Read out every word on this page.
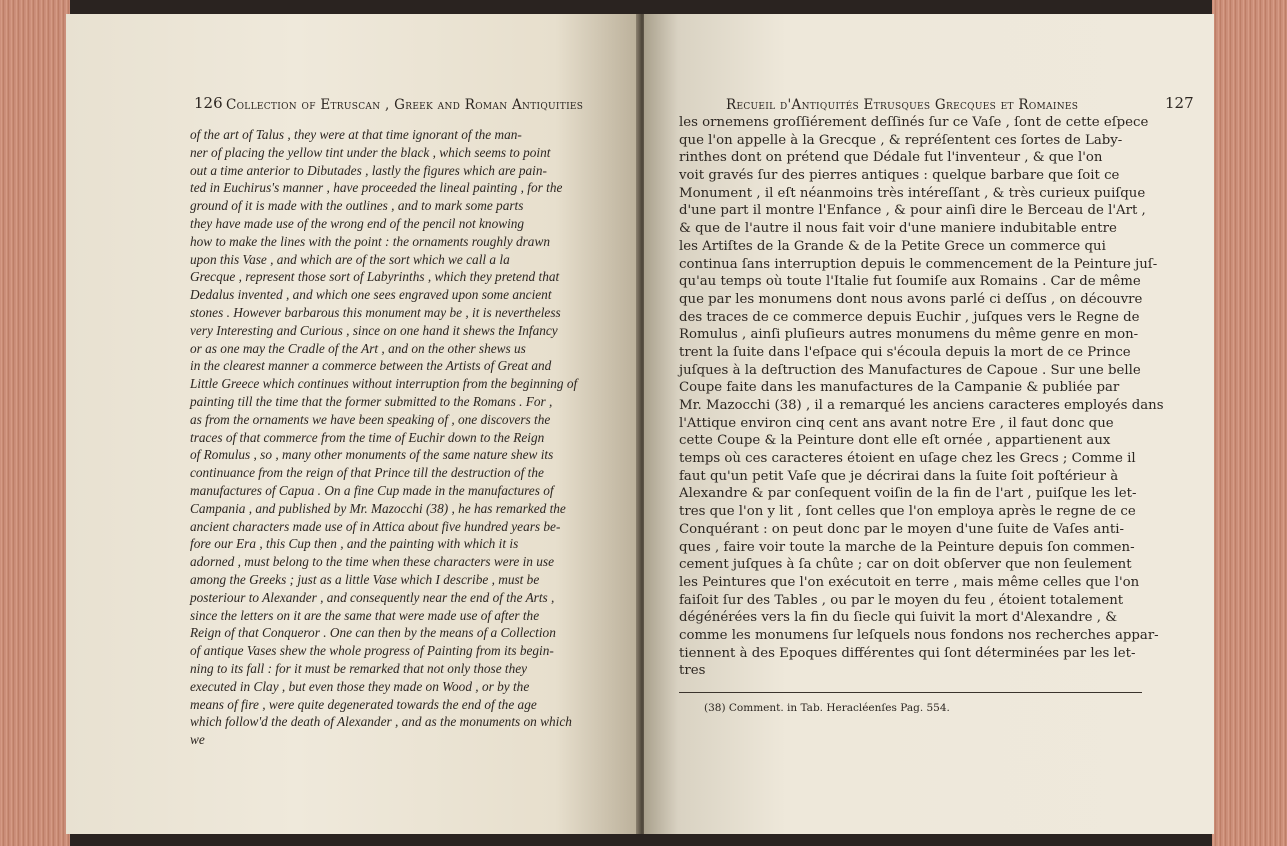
126 Collection of Etruscan , Greek and Roman Antiquities
of the art of Talus , they were at that time ignorant of the man-
ner of placing the yellow tint under the black , which seems to point
out a time anterior to Dibutades , lastly the figures which are pain-
ted in Euchirus's manner , have proceeded the lineal painting , for the
ground of it is made with the outlines , and to mark some parts
they have made use of the wrong end of the pencil not knowing
how to make the lines with the point : the ornaments roughly drawn
upon this Vase , and which are of the sort which we call a la
Grecque , represent those sort of Labyrinths , which they pretend that
Dedalus invented , and which one sees engraved upon some ancient
stones . However barbarous this monument may be , it is nevertheless
very Interesting and Curious , since on one hand it shews the Infancy
or as one may the Cradle of the Art , and on the other shews us
in the clearest manner a commerce between the Artists of Great and
Little Greece which continues without interruption from the beginning of
painting till the time that the former submitted to the Romans . For ,
as from the ornaments we have been speaking of , one discovers the
traces of that commerce from the time of Euchir down to the Reign
of Romulus , so , many other monuments of the same nature shew its
continuance from the reign of that Prince till the destruction of the
manufactures of Capua . On a fine Cup made in the manufactures of
Campania , and published by Mr. Mazocchi (38) , he has remarked the
ancient characters made use of in Attica about five hundred years be-
fore our Era , this Cup then , and the painting with which it is
adorned , must belong to the time when these characters were in use
among the Greeks ; just as a little Vase which I describe , must be
posteriour to Alexander , and consequently near the end of the Arts ,
since the letters on it are the same that were made use of after the
Reign of that Conqueror . One can then by the means of a Collection
of antique Vases shew the whole progress of Painting from its begin-
ning to its fall : for it must be remarked that not only those they
executed in Clay , but even those they made on Wood , or by the
means of fire , were quite degenerated towards the end of the age
which follow'd the death of Alexander , and as the monuments on which
we
Recueil d'Antiquités Etrusques Grecques et Romaines	127
les ornemens groſſiérement deſſinés ſur ce Vaſe , ſont de cette eſpece
que l'on appelle à la Grecque , & repréſentent ces ſortes de Laby-
rinthes dont on prétend que Dédale fut l'inventeur , & que l'on
voit gravés ſur des pierres antiques : quelque barbare que ſoit ce
Monument , il eſt néanmoins très intéreſſant , & très curieux puiſque
d'une part il montre l'Enfance , & pour ainſi dire le Berceau de l'Art ,
& que de l'autre il nous fait voir d'une maniere indubitable entre
les Artiſtes de la Grande & de la Petite Grece un commerce qui
continua ſans interruption depuis le commencement de la Peinture juſ-
qu'au temps où toute l'Italie fut ſoumiſe aux Romains . Car de même
que par les monumens dont nous avons parlé ci deſſus , on découvre
des traces de ce commerce depuis Euchir , juſques vers le Regne de
Romulus , ainſi pluſieurs autres monumens du même genre en mon-
trent la ſuite dans l'eſpace qui s'écoula depuis la mort de ce Prince
juſques à la deſtruction des Manufactures de Capoue . Sur une belle
Coupe faite dans les manufactures de la Campanie & publiée par
Mr. Mazocchi (38) , il a remarqué les anciens caracteres employés dans
l'Attique environ cinq cent ans avant notre Ere , il faut donc que
cette Coupe & la Peinture dont elle eſt ornée , appartienent aux
temps où ces caracteres étoient en uſage chez les Grecs ; Comme il
faut qu'un petit Vaſe que je décrirai dans la ſuite ſoit poſtérieur à
Alexandre & par conſequent voiſin de la fin de l'art , puiſque les let-
tres que l'on y lit , ſont celles que l'on employa après le regne de ce
Conquérant : on peut donc par le moyen d'une ſuite de Vaſes anti-
ques , faire voir toute la marche de la Peinture depuis ſon commen-
cement juſques à ſa chûte ; car on doit obſerver que non ſeulement
les Peintures que l'on exécutoit en terre , mais même celles que l'on
faiſoit ſur des Tables , ou par le moyen du feu , étoient totalement
dégénérées vers la fin du ſiecle qui ſuivit la mort d'Alexandre , &
comme les monumens ſur leſquels nous fondons nos recherches appar-
tiennent à des Epoques différentes qui ſont déterminées par les let-
tres
(38) Comment. in Tab. Heracléenſes Pag. 554.
